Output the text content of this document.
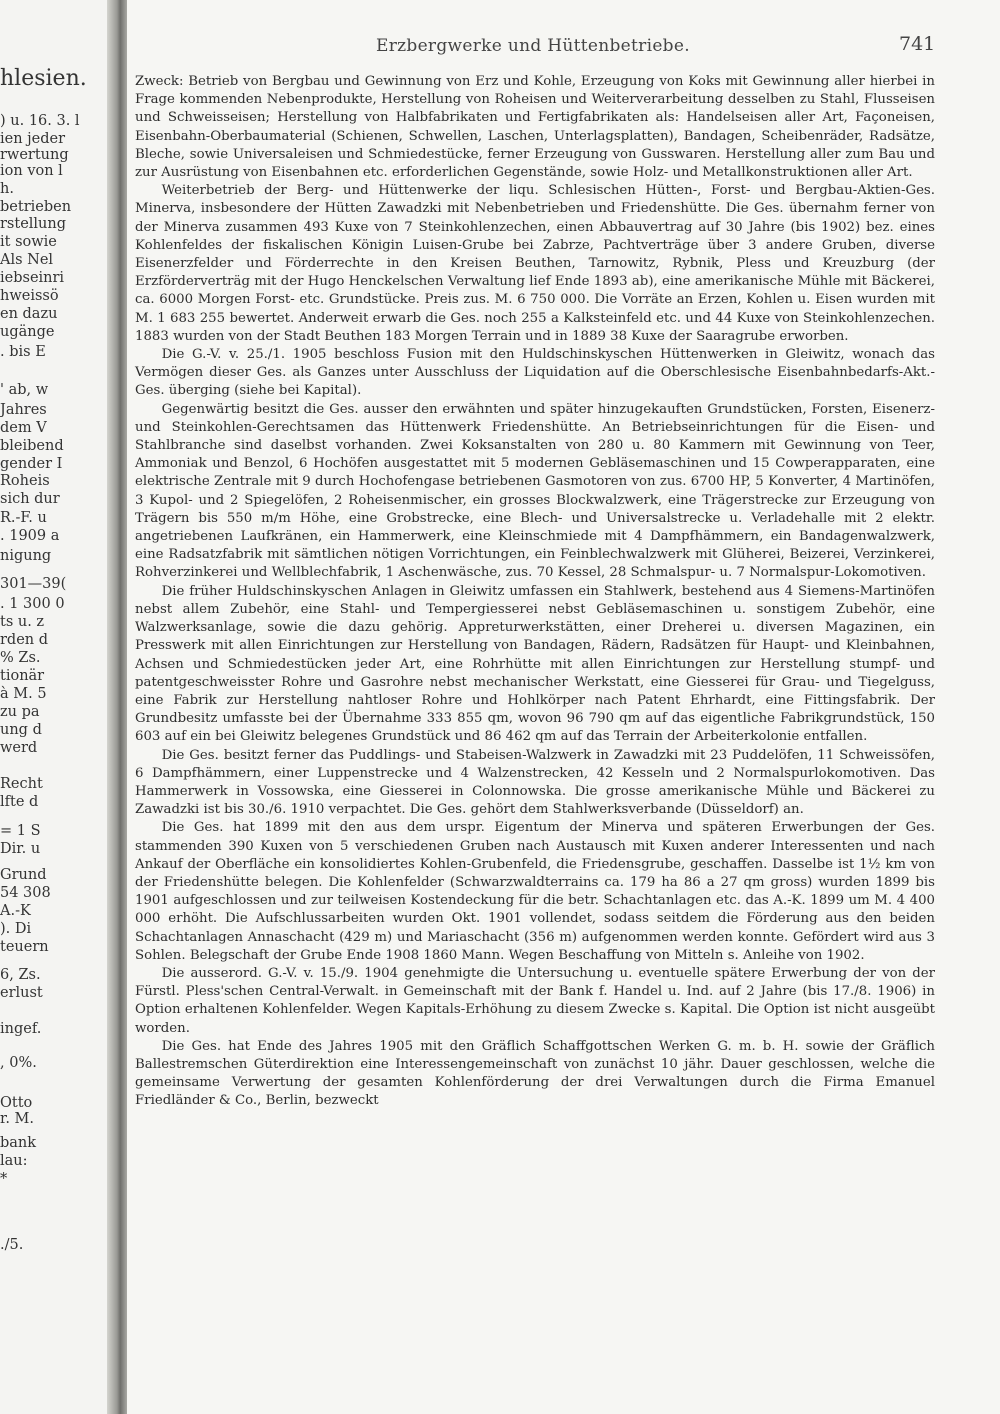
hlesien.
) u. 16. 3. l
ien jeder
rwertung
ion von l
h.
betrieben
rstellung
it sowie
Als Nel
iebseinri
hweissö
en dazu
ugänge
. bis E
' ab, w
Jahres
dem V
bleibend
gender I
Roheis
sich dur
R.-F. u
. 1909 a
nigung
301—39(
. 1 300 0
ts u. z
rden d
% Zs.
tionär
à M. 5
zu pa
ung d
werd
Recht
lfte d
= 1 S
Dir. u
Grund
54 308
A.-K
). Di
teuern
6, Zs.
erlust
ingef.
, 0%.
Otto
r. M.
bank
lau:
*
./5.
Erzbergwerke und Hüttenbetriebe.	741

Zweck: Betrieb von Bergbau und Gewinnung von Erz und Kohle, Erzeugung von Koks mit Gewinnung aller hierbei in Frage kommenden Nebenprodukte, Herstellung von Roheisen und Weiterverarbeitung desselben zu Stahl, Flusseisen und Schweisseisen; Herstellung von Halbfabrikaten und Fertigfabrikaten als: Handelseisen aller Art, Façoneisen, Eisenbahn-Oberbaumaterial (Schienen, Schwellen, Laschen, Unterlagsplatten), Bandagen, Scheibenräder, Radsätze, Bleche, sowie Universaleisen und Schmiedestücke, ferner Erzeugung von Gusswaren. Herstellung aller zum Bau und zur Ausrüstung von Eisenbahnen etc. erforderlichen Gegenstände, sowie Holz- und Metallkonstruktionen aller Art.

Weiterbetrieb der Berg- und Hüttenwerke der liqu. Schlesischen Hütten-, Forst- und Bergbau-Aktien-Ges. Minerva, insbesondere der Hütten Zawadzki mit Nebenbetrieben und Friedenshütte. Die Ges. übernahm ferner von der Minerva zusammen 493 Kuxe von 7 Steinkohlenzechen, einen Abbauvertrag auf 30 Jahre (bis 1902) bez. eines Kohlenfeldes der fiskalischen Königin Luisen-Grube bei Zabrze, Pachtverträge über 3 andere Gruben, diverse Eisenerzfelder und Förderrechte in den Kreisen Beuthen, Tarnowitz, Rybnik, Pless und Kreuzburg (der Erzförderverträg mit der Hugo Henckelschen Verwaltung lief Ende 1893 ab), eine amerikanische Mühle mit Bäckerei, ca. 6000 Morgen Forst- etc. Grundstücke. Preis zus. M. 6 750 000. Die Vorräte an Erzen, Kohlen u. Eisen wurden mit M. 1 683 255 bewertet. Anderweit erwarb die Ges. noch 255 a Kalksteinfeld etc. und 44 Kuxe von Steinkohlenzechen. 1883 wurden von der Stadt Beuthen 183 Morgen Terrain und in 1889 38 Kuxe der Saaragrube erworben.

Die G.-V. v. 25./1. 1905 beschloss Fusion mit den Huldschinskyschen Hüttenwerken in Gleiwitz, wonach das Vermögen dieser Ges. als Ganzes unter Ausschluss der Liquidation auf die Oberschlesische Eisenbahnbedarfs-Akt.-Ges. überging (siehe bei Kapital).

Gegenwärtig besitzt die Ges. ausser den erwähnten und später hinzugekauften Grundstücken, Forsten, Eisenerz- und Steinkohlen-Gerechtsamen das Hüttenwerk Friedenshütte. An Betriebseinrichtungen für die Eisen- und Stahlbranche sind daselbst vorhanden. Zwei Koksanstalten von 280 u. 80 Kammern mit Gewinnung von Teer, Ammoniak und Benzol, 6 Hochöfen ausgestattet mit 5 modernen Gebläsemaschinen und 15 Cowperapparaten, eine elektrische Zentrale mit 9 durch Hochofengase betriebenen Gasmotoren von zus. 6700 HP, 5 Konverter, 4 Martinöfen, 3 Kupol- und 2 Spiegelöfen, 2 Roheisenmischer, ein grosses Blockwalzwerk, eine Trägerstrecke zur Erzeugung von Trägern bis 550 m/m Höhe, eine Grobstrecke, eine Blech- und Universalstrecke u. Verladehalle mit 2 elektr. angetriebenen Laufkränen, ein Hammerwerk, eine Kleinschmiede mit 4 Dampfhämmern, ein Bandagenwalzwerk, eine Radsatzfabrik mit sämtlichen nötigen Vorrichtungen, ein Feinblechwalzwerk mit Glüherei, Beizerei, Verzinkerei, Rohverzinkerei und Wellblechfabrik, 1 Aschenwäsche, zus. 70 Kessel, 28 Schmalspur- u. 7 Normalspur-Lokomotiven.

Die früher Huldschinskyschen Anlagen in Gleiwitz umfassen ein Stahlwerk, bestehend aus 4 Siemens-Martinöfen nebst allem Zubehör, eine Stahl- und Tempergiesserei nebst Gebläsemaschinen u. sonstigem Zubehör, eine Walzwerksanlage, sowie die dazu gehörig. Appreturwerkstätten, einer Dreherei u. diversen Magazinen, ein Presswerk mit allen Einrichtungen zur Herstellung von Bandagen, Rädern, Radsätzen für Haupt- und Kleinbahnen, Achsen und Schmiedestücken jeder Art, eine Rohrhütte mit allen Einrichtungen zur Herstellung stumpf- und patentgeschweisster Rohre und Gasrohre nebst mechanischer Werkstatt, eine Giesserei für Grau- und Tiegelguss, eine Fabrik zur Herstellung nahtloser Rohre und Hohlkörper nach Patent Ehrhardt, eine Fittingsfabrik. Der Grundbesitz umfasste bei der Übernahme 333 855 qm, wovon 96 790 qm auf das eigentliche Fabrikgrundstück, 150 603 auf ein bei Gleiwitz belegenes Grundstück und 86 462 qm auf das Terrain der Arbeiterkolonie entfallen.

Die Ges. besitzt ferner das Puddlings- und Stabeisen-Walzwerk in Zawadzki mit 23 Puddelöfen, 11 Schweissöfen, 6 Dampfhämmern, einer Luppenstrecke und 4 Walzenstrecken, 42 Kesseln und 2 Normalspurlokomotiven. Das Hammerwerk in Vossowska, eine Giesserei in Colonnowska. Die grosse amerikanische Mühle und Bäckerei zu Zawadzki ist bis 30./6. 1910 verpachtet. Die Ges. gehört dem Stahlwerksverbande (Düsseldorf) an.

Die Ges. hat 1899 mit den aus dem urspr. Eigentum der Minerva und späteren Erwerbungen der Ges. stammenden 390 Kuxen von 5 verschiedenen Gruben nach Austausch mit Kuxen anderer Interessenten und nach Ankauf der Oberfläche ein konsolidiertes Kohlen-Grubenfeld, die Friedensgrube, geschaffen. Dasselbe ist 1½ km von der Friedenshütte belegen. Die Kohlenfelder (Schwarzwaldterrains ca. 179 ha 86 a 27 qm gross) wurden 1899 bis 1901 aufgeschlossen und zur teilweisen Kostendeckung für die betr. Schachtanlagen etc. das A.-K. 1899 um M. 4 400 000 erhöht. Die Aufschlussarbeiten wurden Okt. 1901 vollendet, sodass seitdem die Förderung aus den beiden Schachtanlagen Annaschacht (429 m) und Mariaschacht (356 m) aufgenommen werden konnte. Gefördert wird aus 3 Sohlen. Belegschaft der Grube Ende 1908 1860 Mann. Wegen Beschaffung von Mitteln s. Anleihe von 1902.

Die ausserord. G.-V. v. 15./9. 1904 genehmigte die Untersuchung u. eventuelle spätere Erwerbung der von der Fürstl. Pless'schen Central-Verwalt. in Gemeinschaft mit der Bank f. Handel u. Ind. auf 2 Jahre (bis 17./8. 1906) in Option erhaltenen Kohlenfelder. Wegen Kapitals-Erhöhung zu diesem Zwecke s. Kapital. Die Option ist nicht ausgeübt worden.

Die Ges. hat Ende des Jahres 1905 mit den Gräflich Schaffgottschen Werken G. m. b. H. sowie der Gräflich Ballestremschen Güterdirektion eine Interessengemeinschaft von zunächst 10 jähr. Dauer geschlossen, welche die gemeinsame Verwertung der gesamten Kohlenförderung der drei Verwaltungen durch die Firma Emanuel Friedländer & Co., Berlin, bezweckt
